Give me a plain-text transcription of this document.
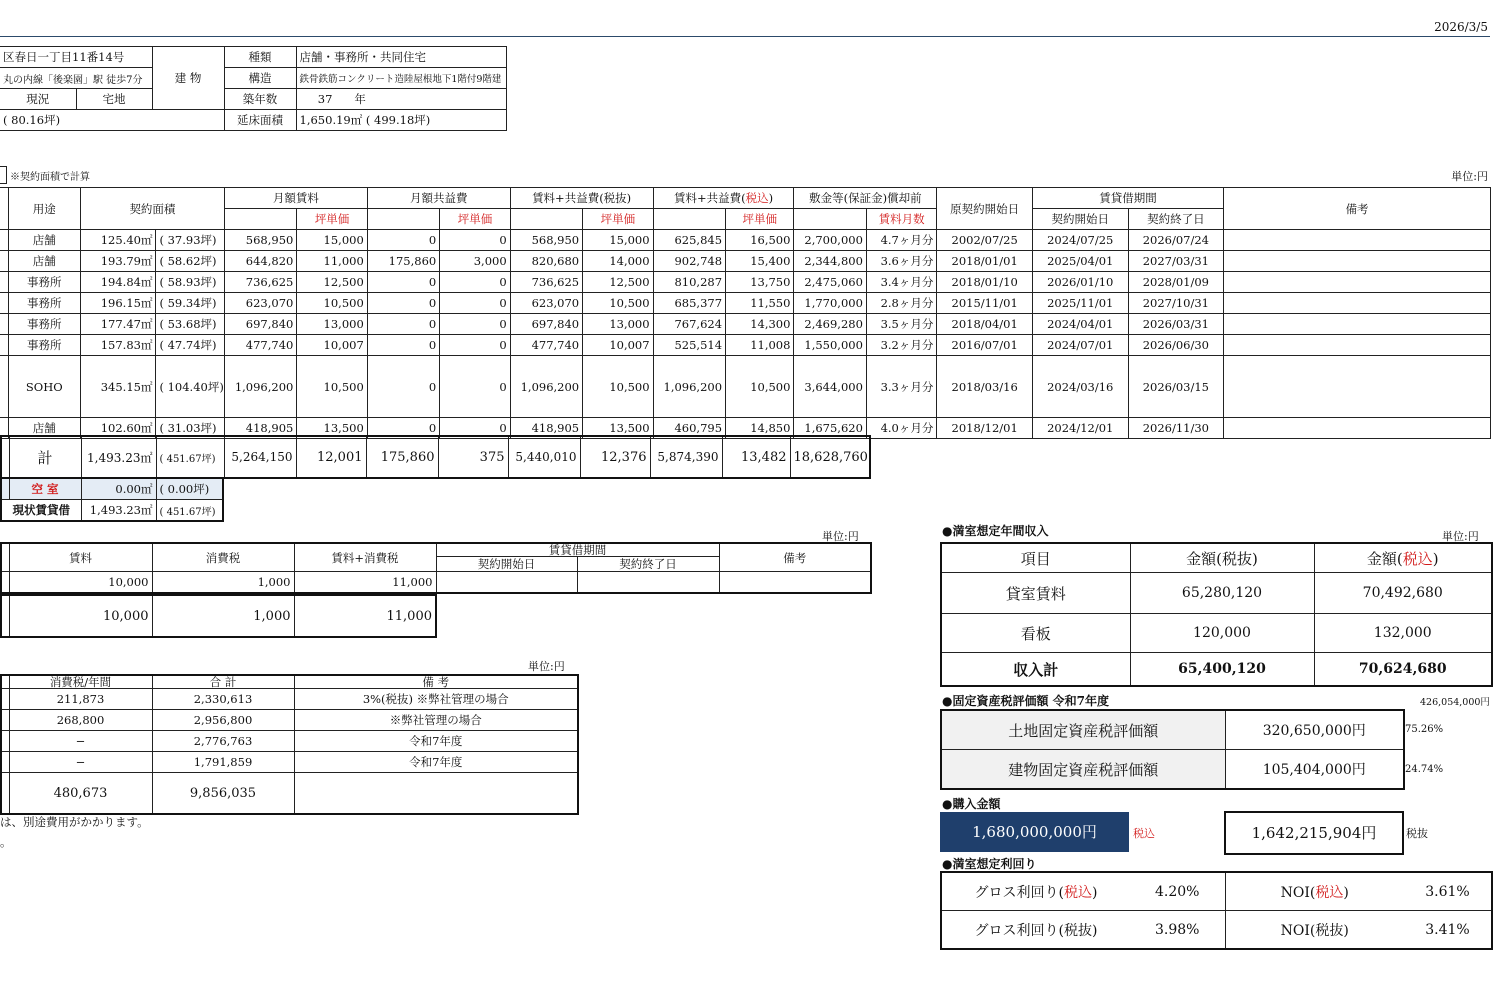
2026/3/5
区春日一丁目11番14号		建 物	種類	店舗・事務所・共同住宅
丸の内線「後楽園」駅 徒歩7分			構造	鉄骨鉄筋コンクリート造陸屋根地下1階付9階建
現況	宅地		築年数	37 年
( 80.16坪)			延床面積	1,650.19㎡ ( 499.18坪)
※契約面積で計算	単位:円
	用途	契約面積		月額賃料		月額共益費		賃料+共益費(税抜)		賃料+共益費(税込)		敷金等(保証金)償却前		原契約開始日	賃貸借期間		備考
					坪単価		坪単価		坪単価		坪単価		賃料月数		契約開始日	契約終了日	
	店舗	125.40㎡	( 37.93坪)	568,950	15,000	0	0	568,950	15,000	625,845	16,500	2,700,000	4.7ヶ月分	2002/07/25	2024/07/25	2026/07/24	
	店舗	193.79㎡	( 58.62坪)	644,820	11,000	175,860	3,000	820,680	14,000	902,748	15,400	2,344,800	3.6ヶ月分	2018/01/01	2025/04/01	2027/03/31	
	事務所	194.84㎡	( 58.93坪)	736,625	12,500	0	0	736,625	12,500	810,287	13,750	2,475,060	3.4ヶ月分	2018/01/10	2026/01/10	2028/01/09	
	事務所	196.15㎡	( 59.34坪)	623,070	10,500	0	0	623,070	10,500	685,377	11,550	1,770,000	2.8ヶ月分	2015/11/01	2025/11/01	2027/10/31	
	事務所	177.47㎡	( 53.68坪)	697,840	13,000	0	0	697,840	13,000	767,624	14,300	2,469,280	3.5ヶ月分	2018/04/01	2024/04/01	2026/03/31	
	事務所	157.83㎡	( 47.74坪)	477,740	10,007	0	0	477,740	10,007	525,514	11,008	1,550,000	3.2ヶ月分	2016/07/01	2024/07/01	2026/06/30	
	SOHO	345.15㎡	( 104.40坪)	1,096,200	10,500	0	0	1,096,200	10,500	1,096,200	10,500	3,644,000	3.3ヶ月分	2018/03/16	2024/03/16	2026/03/15	
	店舗	102.60㎡	( 31.03坪)	418,905	13,500	0	0	418,905	13,500	460,795	14,850	1,675,620	4.0ヶ月分	2018/12/01	2024/12/01	2026/11/30	
	計	1,493.23㎡	( 451.67坪)	5,264,150	12,001	175,860	375	5,440,010	12,376	5,874,390	13,482	18,628,760
	空 室	0.00㎡	( 0.00坪)
現状賃貸借		1,493.23㎡	( 451.67坪)
単位:円
	賃料	消費税	賃料+消費税	賃貸借期間		備考
				契約開始日	契約終了日	
	10,000	1,000	11,000			
	10,000	1,000	11,000
単位:円
	消費税/年間	合 計	備 考
	211,873	2,330,613	3%(税抜) ※弊社管理の場合
	268,800	2,956,800	※弊社管理の場合
	−	2,776,763	令和7年度
	−	1,791,859	令和7年度
	480,673	9,856,035	
は、別途費用がかかります。
。
●満室想定年間収入	単位:円
項目	金額(税抜)	金額(税込)
貸室賃料	65,280,120	70,492,680
看板	120,000	132,000
収入計	65,400,120	70,624,680
●固定資産税評価額 令和7年度	426,054,000円
土地固定資産税評価額	320,650,000円
建物固定資産税評価額	105,404,000円
75.26%
24.74%
●購入金額
1,680,000,000円	税込	1,642,215,904円	税抜
●満室想定利回り
グロス利回り(税込)	4.20%	NOI(税込)	3.61%
グロス利回り(税抜)	3.98%	NOI(税抜)	3.41%
